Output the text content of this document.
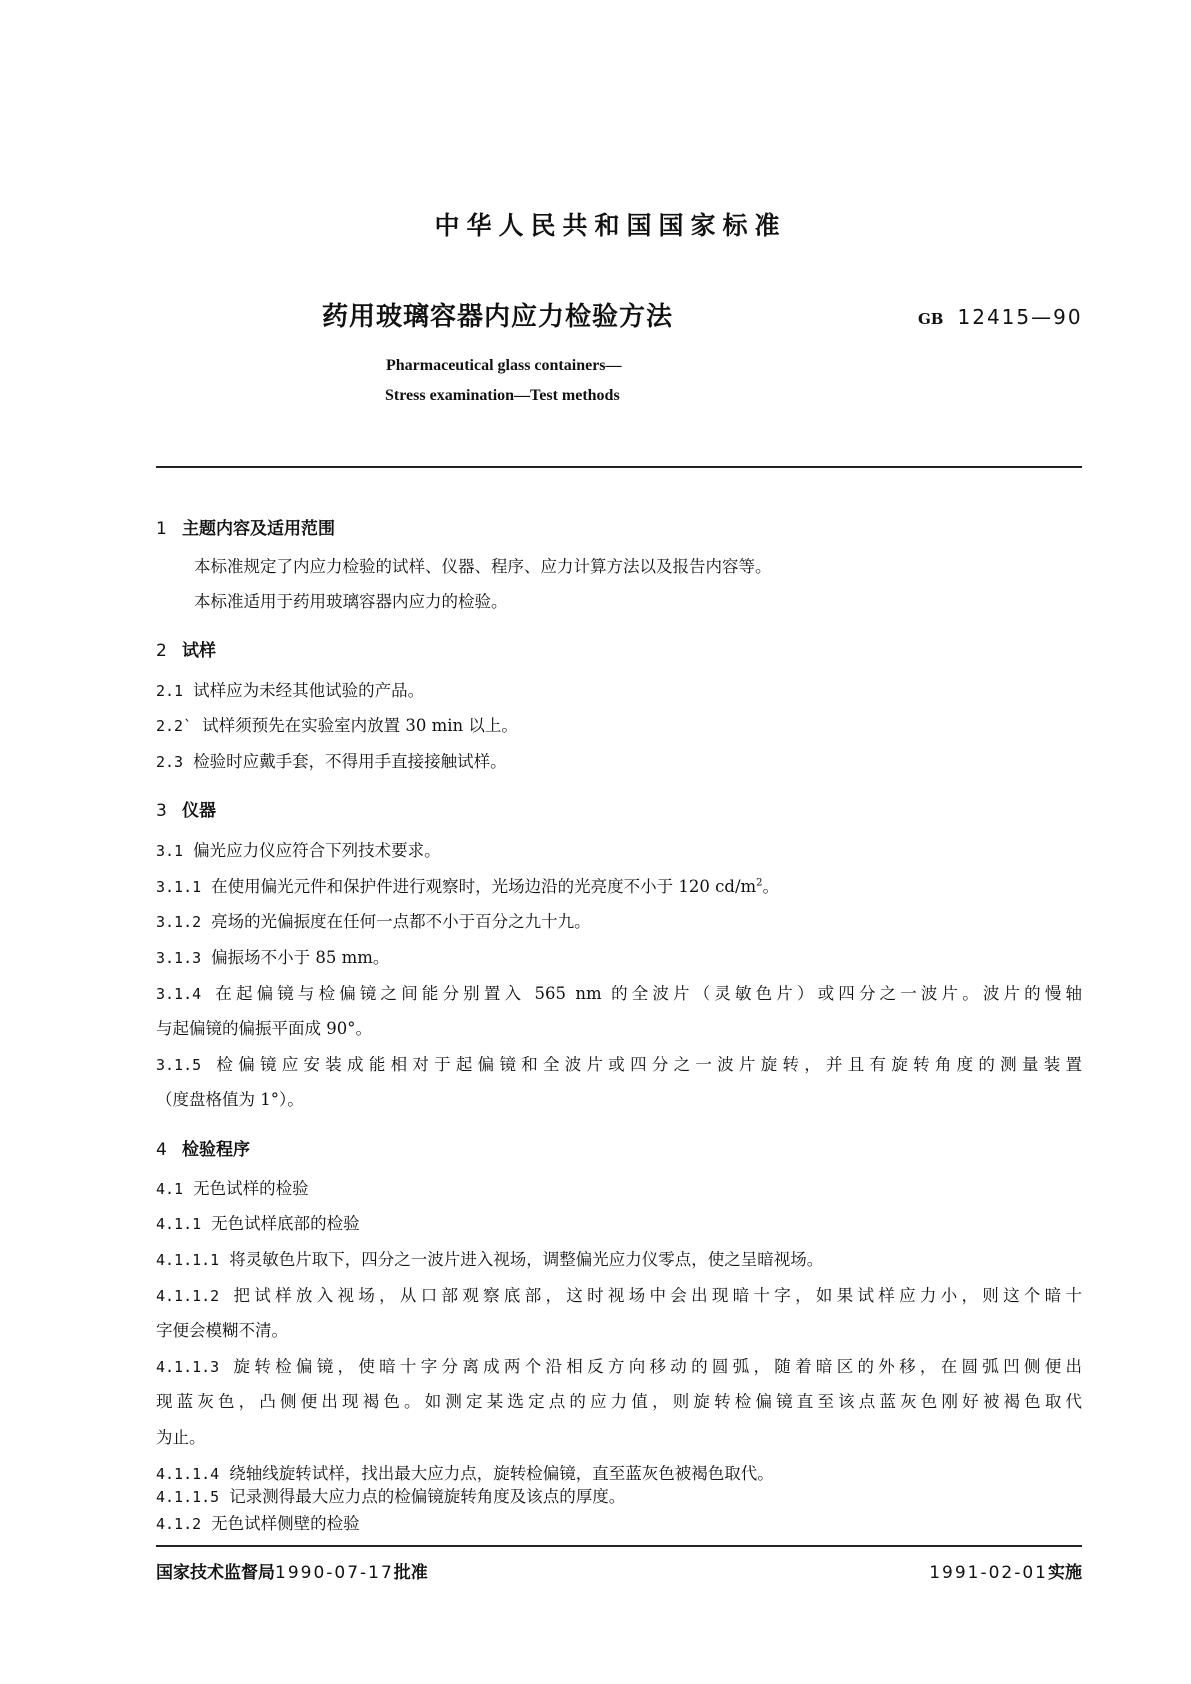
中华人民共和国国家标准
药用玻璃容器内应力检验方法	GB 12415—90
Pharmaceutical glass containers—
Stress examination—Test methods
1 主题内容及适用范围
本标准规定了内应力检验的试样、仪器、程序、应力计算方法以及报告内容等。
本标准适用于药用玻璃容器内应力的检验。
2 试样
2.1 试样应为未经其他试验的产品。
2.2` 试样须预先在实验室内放置 30 min 以上。
2.3 检验时应戴手套，不得用手直接接触试样。
3 仪器
3.1 偏光应力仪应符合下列技术要求。
3.1.1 在使用偏光元件和保护件进行观察时，光场边沿的光亮度不小于 120 $cd/m^2$。
3.1.2 亮场的光偏振度在任何一点都不小于百分之九十九。
3.1.3 偏振场不小于 85 mm。
3.1.4 在起偏镜与检偏镜之间能分别置入 565 nm 的全波片（灵敏色片）或四分之一波片。波片的慢轴
与起偏镜的偏振平面成 90°。
3.1.5 检偏镜应安装成能相对于起偏镜和全波片或四分之一波片旋转，并且有旋转角度的测量装置
（度盘格值为 1°）。
4 检验程序
4.1 无色试样的检验
4.1.1 无色试样底部的检验
4.1.1.1 将灵敏色片取下，四分之一波片进入视场，调整偏光应力仪零点，使之呈暗视场。
4.1.1.2 把试样放入视场，从口部观察底部，这时视场中会出现暗十字，如果试样应力小，则这个暗十
字便会模糊不清。
4.1.1.3 旋转检偏镜，使暗十字分离成两个沿相反方向移动的圆弧，随着暗区的外移，在圆弧凹侧便出
现蓝灰色，凸侧便出现褐色。如测定某选定点的应力值，则旋转检偏镜直至该点蓝灰色刚好被褐色取代
为止。
4.1.1.4 绕轴线旋转试样，找出最大应力点，旋转检偏镜，直至蓝灰色被褐色取代。
4.1.1.5 记录测得最大应力点的检偏镜旋转角度及该点的厚度。
国家技术监督局1990-07-17批准	1991-02-01实施
4.1.2 无色试样侧壁的检验
